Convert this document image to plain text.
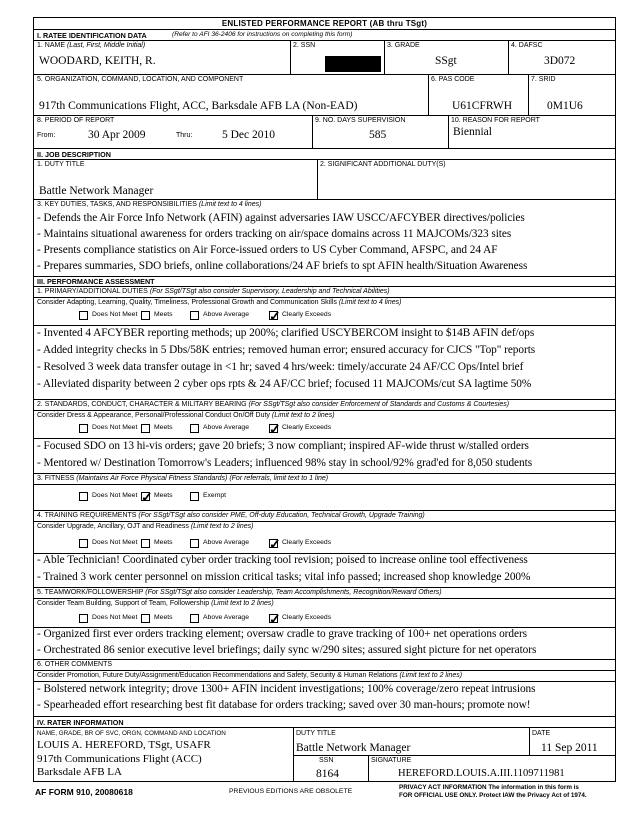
ENLISTED PERFORMANCE REPORT (AB thru TSgt)
I. RATEE IDENTIFICATION DATA	(Refer to AFI 36-2406 for instructions on completing this form)
1. NAME (Last, First, Middle Initial)
WOODARD, KEITH, R.
2. SSN	3. GRADE
SSgt
4. DAFSC
3D072
5. ORGANIZATION, COMMAND, LOCATION, AND COMPONENT
917th Communications Flight, ACC, Barksdale AFB LA (Non-EAD)
6. PAS CODE
U61CFRWH
7. SRID
0M1U6
8. PERIOD OF REPORT
From:	30 Apr 2009	Thru:	5 Dec 2010
9. NO. DAYS SUPERVISION
585
10. REASON FOR REPORT
Biennial
II. JOB DESCRIPTION
1. DUTY TITLE
Battle Network Manager
2. SIGNIFICANT ADDITIONAL DUTY(S)
3. KEY DUTIES, TASKS, AND RESPONSIBILITIES (Limit text to 4 lines)
- Defends the Air Force Info Network (AFIN) against adversaries IAW USCC/AFCYBER directives/policies
- Maintains situational awareness for orders tracking on air/space domains across 11 MAJCOMs/323 sites
- Presents compliance statistics on Air Force-issued orders to US Cyber Command, AFSPC, and 24 AF
- Prepares summaries, SDO briefs, online collaborations/24 AF briefs to spt AFIN health/Situation Awareness
III. PERFORMANCE ASSESSMENT
1. PRIMARY/ADDITIONAL DUTIES (For SSgt/TSgt also consider Supervisory, Leadership and Technical Abilities)
Consider Adapting, Learning, Quality, Timeliness, Professional Growth and Communication Skills (Limit text to 4 lines)
Does Not Meet Meets	Above Average ✓ Clearly Exceeds
- Invented 4 AFCYBER reporting methods; up 200%; clarified USCYBERCOM insight to $14B AFIN def/ops
- Added integrity checks in 5 Dbs/58K entries; removed human error; ensured accuracy for CJCS "Top" reports
- Resolved 3 week data transfer outage in <1 hr; saved 4 hrs/week: timely/accurate 24 AF/CC Ops/Intel brief
- Alleviated disparity between 2 cyber ops rpts & 24 AF/CC brief; focused 11 MAJCOMs/cut SA lagtime 50%
2. STANDARDS, CONDUCT, CHARACTER & MILITARY BEARING (For SSgt/TSgt also consider Enforcement of Standards and Customs & Courtesies)
Consider Dress & Appearance, Personal/Professional Conduct On/Off Duty (Limit text to 2 lines)
Does Not Meet Meets	Above Average ✓ Clearly Exceeds
- Focused SDO on 13 hi-vis orders; gave 20 briefs; 3 now compliant; inspired AF-wide thrust w/stalled orders
- Mentored w/ Destination Tomorrow's Leaders; influenced 98% stay in school/92% grad'ed for 8,050 students
3. FITNESS (Maintains Air Force Physical Fitness Standards) (For referrals, limit text to 1 line)
Does Not Meet ✓ Meets	Exempt
4. TRAINING REQUIREMENTS (For SSgt/TSgt also consider PME, Off-duty Education, Technical Growth, Upgrade Training)
Consider Upgrade, Ancillary, OJT and Readiness (Limit text to 2 lines)
Does Not Meet Meets	Above Average ✓ Clearly Exceeds
- Able Technician! Coordinated cyber order tracking tool revision; poised to increase online tool effectiveness
- Trained 3 work center personnel on mission critical tasks; vital info passed; increased shop knowledge 200%
5. TEAMWORK/FOLLOWERSHIP (For SSgt/TSgt also consider Leadership, Team Accomplishments, Recognition/Reward Others)
Consider Team Building, Support of Team, Followership (Limit text to 2 lines)
Does Not Meet Meets	Above Average ✓ Clearly Exceeds
- Organized first ever orders tracking element; oversaw cradle to grave tracking of 100+ net operations orders
- Orchestrated 86 senior executive level briefings; daily sync w/290 sites; assured sight picture for net operators
6. OTHER COMMENTS
Consider Promotion, Future Duty/Assignment/Education Recommendations and Safety, Security & Human Relations (Limit text to 2 lines)
- Bolstered network integrity; drove 1300+ AFIN incident investigations; 100% coverage/zero repeat intrusions
- Spearheaded effort researching best fit database for orders tracking; saved over 30 man-hours; promote now!
IV. RATER INFORMATION
NAME, GRADE, BR OF SVC, ORGN, COMMAND AND LOCATION
LOUIS A. HEREFORD, TSgt, USAFR
917th Communications Flight (ACC)
Barksdale AFB LA
DUTY TITLE
Battle Network Manager
DATE
11 Sep 2011
SSN
8164
SIGNATURE
HEREFORD.LOUIS.A.III.1109711981
AF FORM 910, 20080618	PREVIOUS EDITIONS ARE OBSOLETE
PRIVACY ACT INFORMATION The information in this form is
FOR OFFICIAL USE ONLY. Protect IAW the Privacy Act of 1974.
